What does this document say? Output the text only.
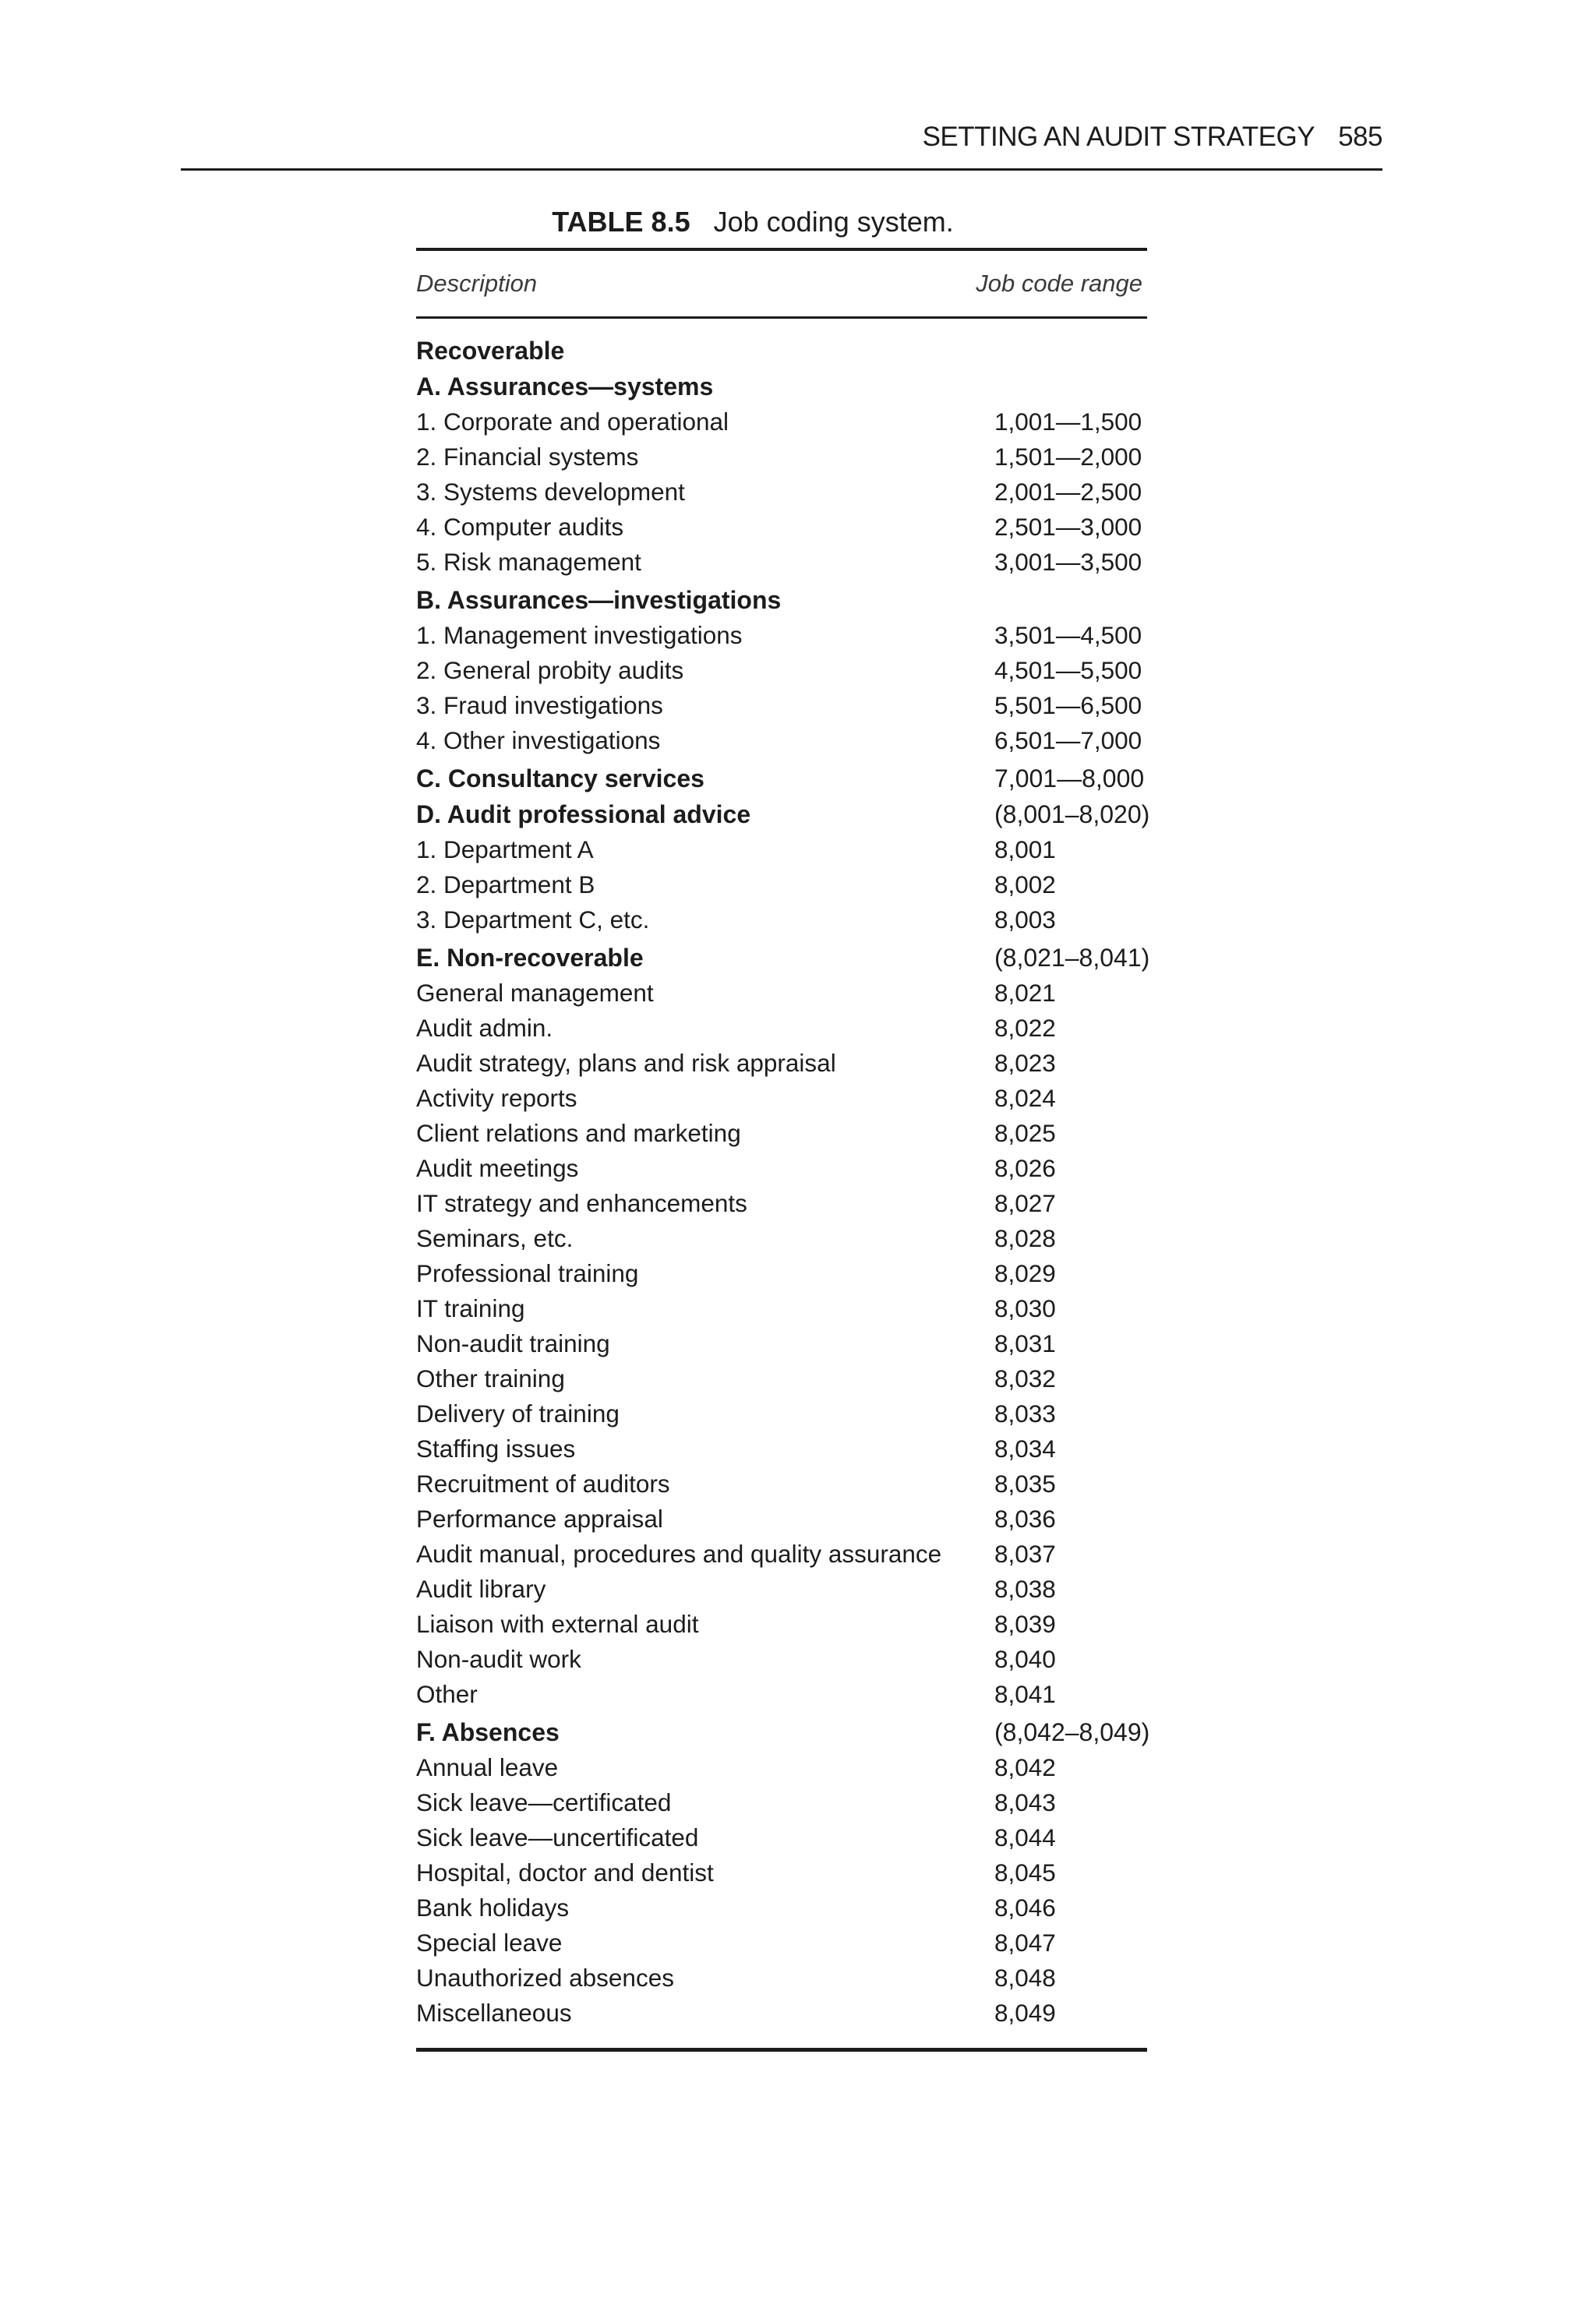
SETTING AN AUDIT STRATEGY 585
TABLE 8.5 Job coding system.
Description	Job code range
Recoverable
A. Assurances—systems
1. Corporate and operational	1,001—1,500
2. Financial systems	1,501—2,000
3. Systems development	2,001—2,500
4. Computer audits	2,501—3,000
5. Risk management	3,001—3,500
B. Assurances—investigations
1. Management investigations	3,501—4,500
2. General probity audits	4,501—5,500
3. Fraud investigations	5,501—6,500
4. Other investigations	6,501—7,000
C. Consultancy services	7,001—8,000
D. Audit professional advice	(8,001–8,020)
1. Department A	8,001
2. Department B	8,002
3. Department C, etc.	8,003
E. Non-recoverable	(8,021–8,041)
General management	8,021
Audit admin.	8,022
Audit strategy, plans and risk appraisal	8,023
Activity reports	8,024
Client relations and marketing	8,025
Audit meetings	8,026
IT strategy and enhancements	8,027
Seminars, etc.	8,028
Professional training	8,029
IT training	8,030
Non-audit training	8,031
Other training	8,032
Delivery of training	8,033
Staffing issues	8,034
Recruitment of auditors	8,035
Performance appraisal	8,036
Audit manual, procedures and quality assurance 8,037
Audit library	8,038
Liaison with external audit	8,039
Non-audit work	8,040
Other	8,041
F. Absences	(8,042–8,049)
Annual leave	8,042
Sick leave—certificated	8,043
Sick leave—uncertificated	8,044
Hospital, doctor and dentist	8,045
Bank holidays	8,046
Special leave	8,047
Unauthorized absences	8,048
Miscellaneous	8,049
